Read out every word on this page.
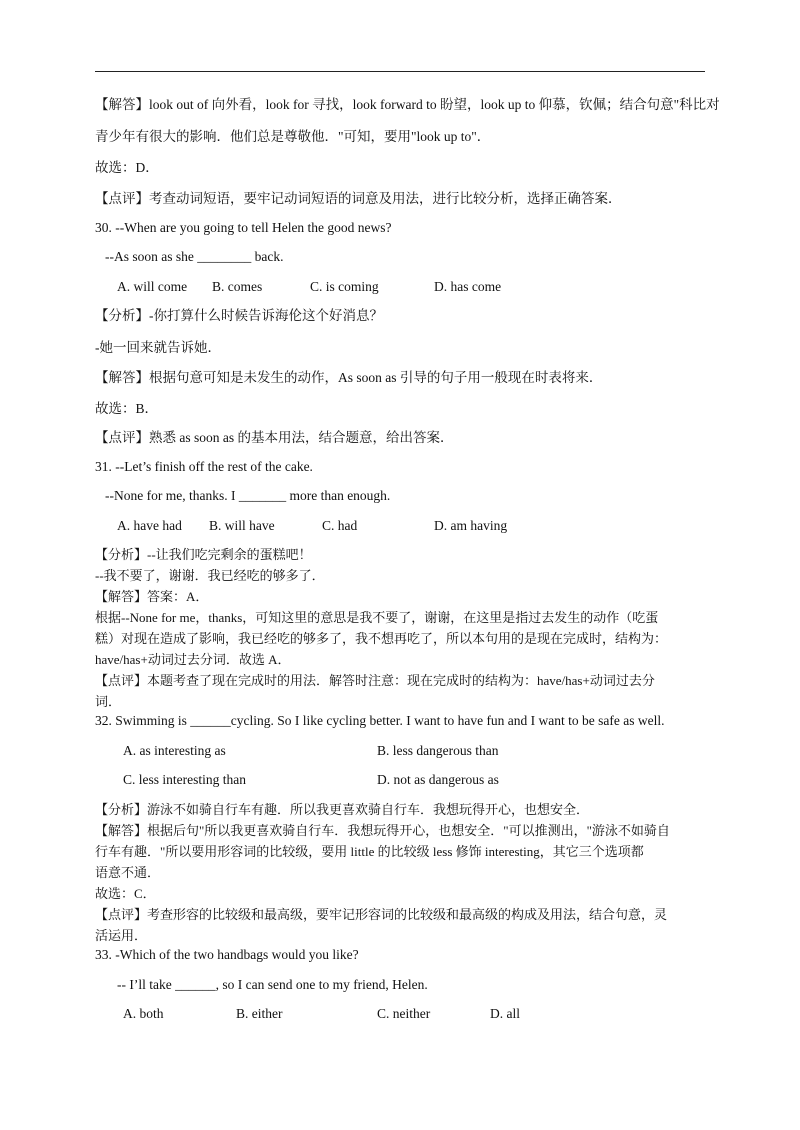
【解答】look out of 向外看，look for 寻找，look forward to 盼望，look up to 仰慕，钦佩；结合句意"科比对
青少年有很大的影响．他们总是尊敬他．"可知，要用"look up to"．
故选：D．
【点评】考查动词短语，要牢记动词短语的词意及用法，进行比较分析，选择正确答案．
30. --When are you going to tell Helen the good news?
--As soon as she ________ back.
A. will come B. comes	C. is coming	D. has come
【分析】-你打算什么时候告诉海伦这个好消息？
-她一回来就告诉她．
【解答】根据句意可知是未发生的动作，As soon as 引导的句子用一般现在时表将来．
故选：B．
【点评】熟悉 as soon as 的基本用法，结合题意，给出答案．
31. --Let’s finish off the rest of the cake.
--None for me, thanks. I _______ more than enough.
A. have had B. will have	C. had	D. am having
【分析】--让我们吃完剩余的蛋糕吧！
--我不要了，谢谢．我已经吃的够多了．
【解答】答案：A．
根据--None for me，thanks，可知这里的意思是我不要了，谢谢，在这里是指过去发生的动作（吃蛋
糕）对现在造成了影响，我已经吃的够多了，我不想再吃了，所以本句用的是现在完成时，结构为：
have/has+动词过去分词．故选 A．
【点评】本题考查了现在完成时的用法．解答时注意：现在完成时的结构为：have/has+动词过去分
词．
32. Swimming is ______cycling. So I like cycling better. I want to have fun and I want to be safe as well.
A. as interesting as	B. less dangerous than
C. less interesting than	D. not as dangerous as
【分析】游泳不如骑自行车有趣．所以我更喜欢骑自行车．我想玩得开心，也想安全．
【解答】根据后句"所以我更喜欢骑自行车．我想玩得开心，也想安全．"可以推测出，"游泳不如骑自
行车有趣．"所以要用形容词的比较级，要用 little 的比较级 less 修饰 interesting，其它三个选项都
语意不通．
故选：C．
【点评】考查形容的比较级和最高级，要牢记形容词的比较级和最高级的构成及用法，结合句意，灵
活运用．
33. -Which of the two handbags would you like?
-- I’ll take ______, so I can send one to my friend, Helen.
A. both	B. either	C. neither	D. all
